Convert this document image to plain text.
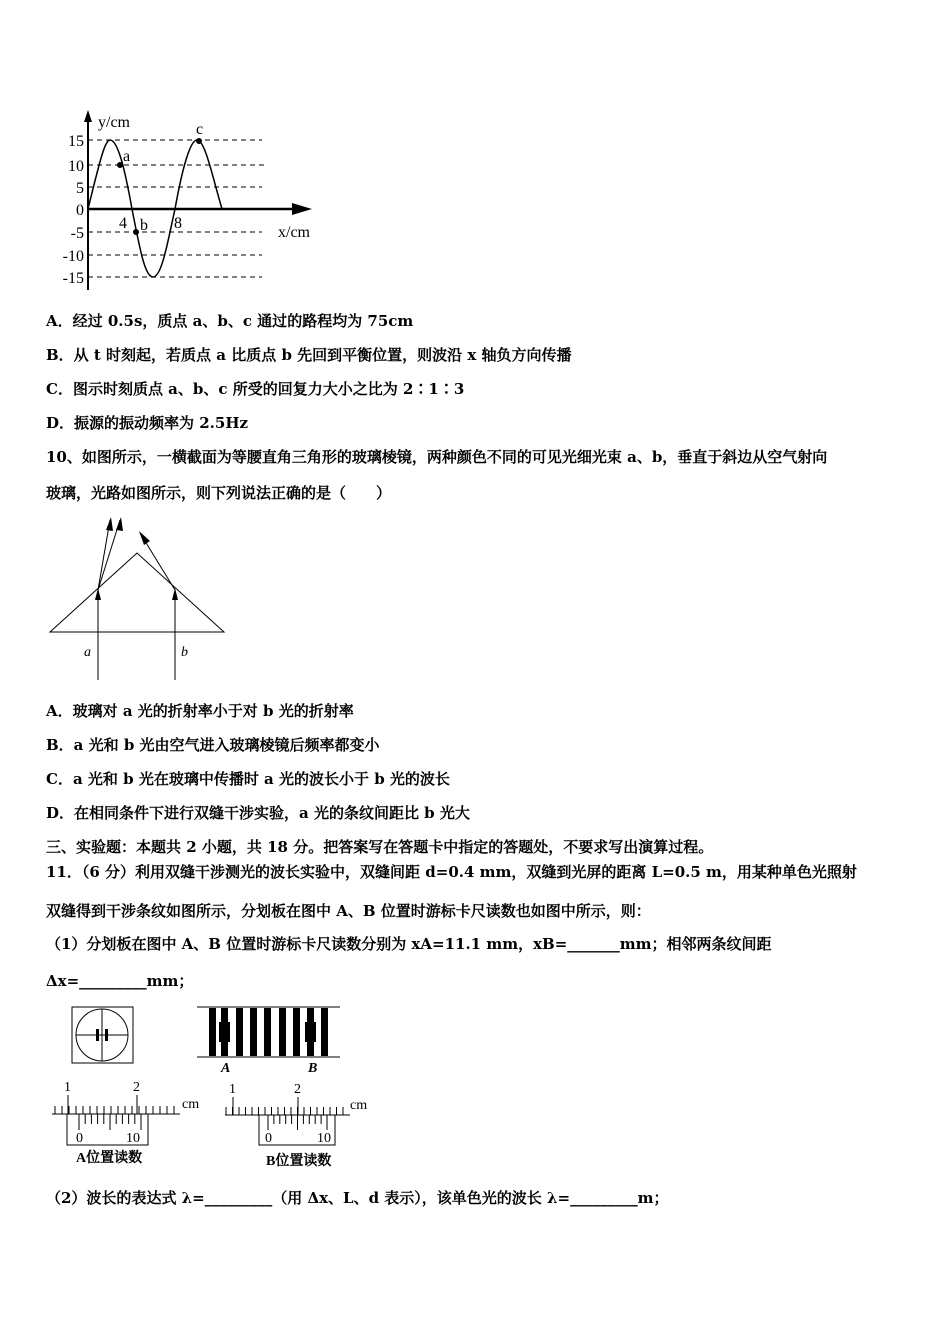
15
10
5
0
-5
-10
-15
y/cm
x/cm
4	8
a
b
c
A．经过 0.5s，质点 a、b、c 通过的路程均为 75cm
B．从 t 时刻起，若质点 a 比质点 b 先回到平衡位置，则波沿 x 轴负方向传播
C．图示时刻质点 a、b、c 所受的回复力大小之比为 2∶1∶3
D．振源的振动频率为 2.5Hz
10、如图所示，一横截面为等腰直角三角形的玻璃棱镜，两种颜色不同的可见光细光束 a、b，垂直于斜边从空气射向
玻璃，光路如图所示，则下列说法正确的是（　　）
a	b
A．玻璃对 a 光的折射率小于对 b 光的折射率
B．a 光和 b 光由空气进入玻璃棱镜后频率都变小
C．a 光和 b 光在玻璃中传播时 a 光的波长小于 b 光的波长
D．在相同条件下进行双缝干涉实验，a 光的条纹间距比 b 光大
三、实验题：本题共 2 小题，共 18 分。把答案写在答题卡中指定的答题处，不要求写出演算过程。
11．（6 分）利用双缝干涉测光的波长实验中，双缝间距 d=0.4 mm，双缝到光屏的距离 L=0.5 m，用某种单色光照射
双缝得到干涉条纹如图所示，分划板在图中 A、B 位置时游标卡尺读数也如图中所示，则：
（1）分划板在图中 A、B 位置时游标卡尺读数分别为 xA=11.1 mm，xB=_______mm；相邻两条纹间距
Δx=_________mm；
A	B
1	2
cm
0	10
1	2
cm
0	10
A位置读数	B位置读数
（2）波长的表达式 λ=_________（用 Δx、L、d 表示），该单色光的波长 λ=_________m；
